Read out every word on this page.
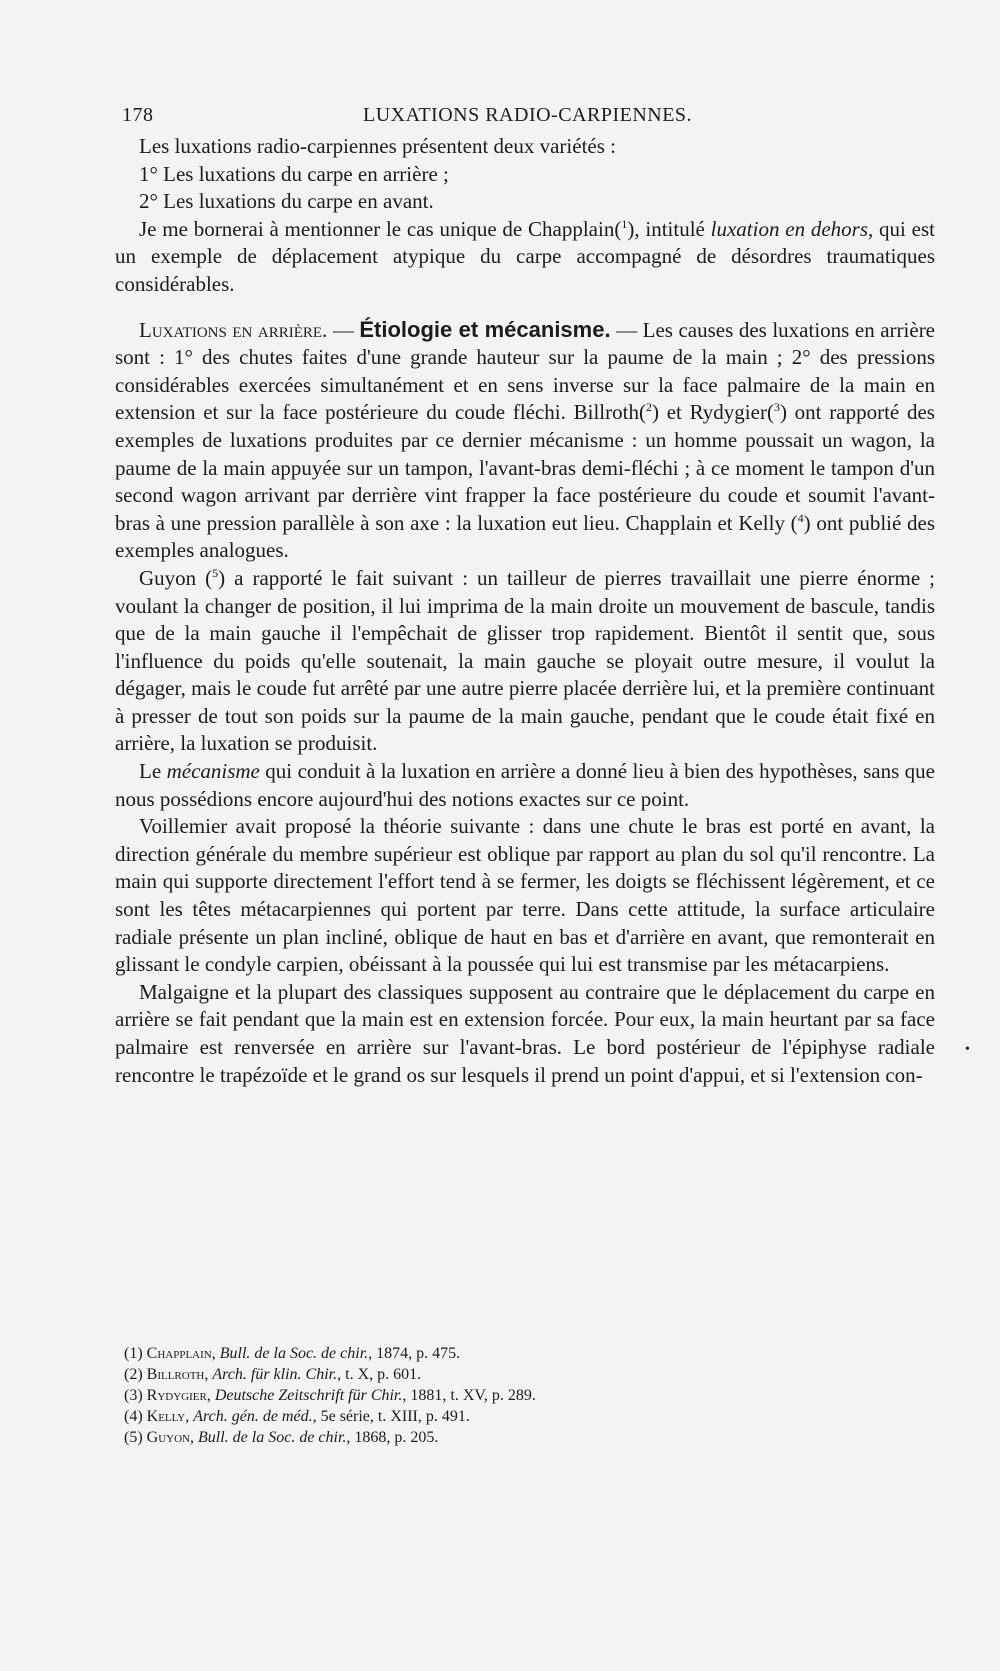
178	LUXATIONS RADIO-CARPIENNES.

Les luxations radio-carpiennes présentent deux variétés :

1° Les luxations du carpe en arrière ;

2° Les luxations du carpe en avant.

Je me bornerai à mentionner le cas unique de Chapplain($^1$), intitulé luxation en dehors, qui est un exemple de déplacement atypique du carpe accompagné de désordres traumatiques considérables.

Luxations en arrière. — Étiologie et mécanisme. — Les causes des luxations en arrière sont : 1° des chutes faites d'une grande hauteur sur la paume de la main ; 2° des pressions considérables exercées simultanément et en sens inverse sur la face palmaire de la main en extension et sur la face postérieure du coude fléchi. Billroth($^2$) et Rydygier($^3$) ont rapporté des exemples de luxations produites par ce dernier mécanisme : un homme poussait un wagon, la paume de la main appuyée sur un tampon, l'avant-bras demi-fléchi ; à ce moment le tampon d'un second wagon arrivant par derrière vint frapper la face postérieure du coude et soumit l'avant-bras à une pression parallèle à son axe : la luxation eut lieu. Chapplain et Kelly ($^4$) ont publié des exemples analogues.

Guyon ($^5$) a rapporté le fait suivant : un tailleur de pierres travaillait une pierre énorme ; voulant la changer de position, il lui imprima de la main droite un mouvement de bascule, tandis que de la main gauche il l'empêchait de glisser trop rapidement. Bientôt il sentit que, sous l'influence du poids qu'elle soutenait, la main gauche se ployait outre mesure, il voulut la dégager, mais le coude fut arrêté par une autre pierre placée derrière lui, et la première continuant à presser de tout son poids sur la paume de la main gauche, pendant que le coude était fixé en arrière, la luxation se produisit.

Le mécanisme qui conduit à la luxation en arrière a donné lieu à bien des hypothèses, sans que nous possédions encore aujourd'hui des notions exactes sur ce point.

Voillemier avait proposé la théorie suivante : dans une chute le bras est porté en avant, la direction générale du membre supérieur est oblique par rapport au plan du sol qu'il rencontre. La main qui supporte directement l'effort tend à se fermer, les doigts se fléchissent légèrement, et ce sont les têtes métacarpiennes qui portent par terre. Dans cette attitude, la surface articulaire radiale présente un plan incliné, oblique de haut en bas et d'arrière en avant, que remonterait en glissant le condyle carpien, obéissant à la poussée qui lui est transmise par les métacarpiens.

Malgaigne et la plupart des classiques supposent au contraire que le déplacement du carpe en arrière se fait pendant que la main est en extension forcée. Pour eux, la main heurtant par sa face palmaire est renversée en arrière sur l'avant-bras. Le bord postérieur de l'épiphyse radiale rencontre le trapézoïde et le grand os sur lesquels il prend un point d'appui, et si l'extension con-

•

(1) Chapplain, Bull. de la Soc. de chir., 1874, p. 475.

(2) Billroth, Arch. für klin. Chir., t. X, p. 601.

(3) Rydygier, Deutsche Zeitschrift für Chir., 1881, t. XV, p. 289.

(4) Kelly, Arch. gén. de méd., 5e série, t. XIII, p. 491.

(5) Guyon, Bull. de la Soc. de chir., 1868, p. 205.
